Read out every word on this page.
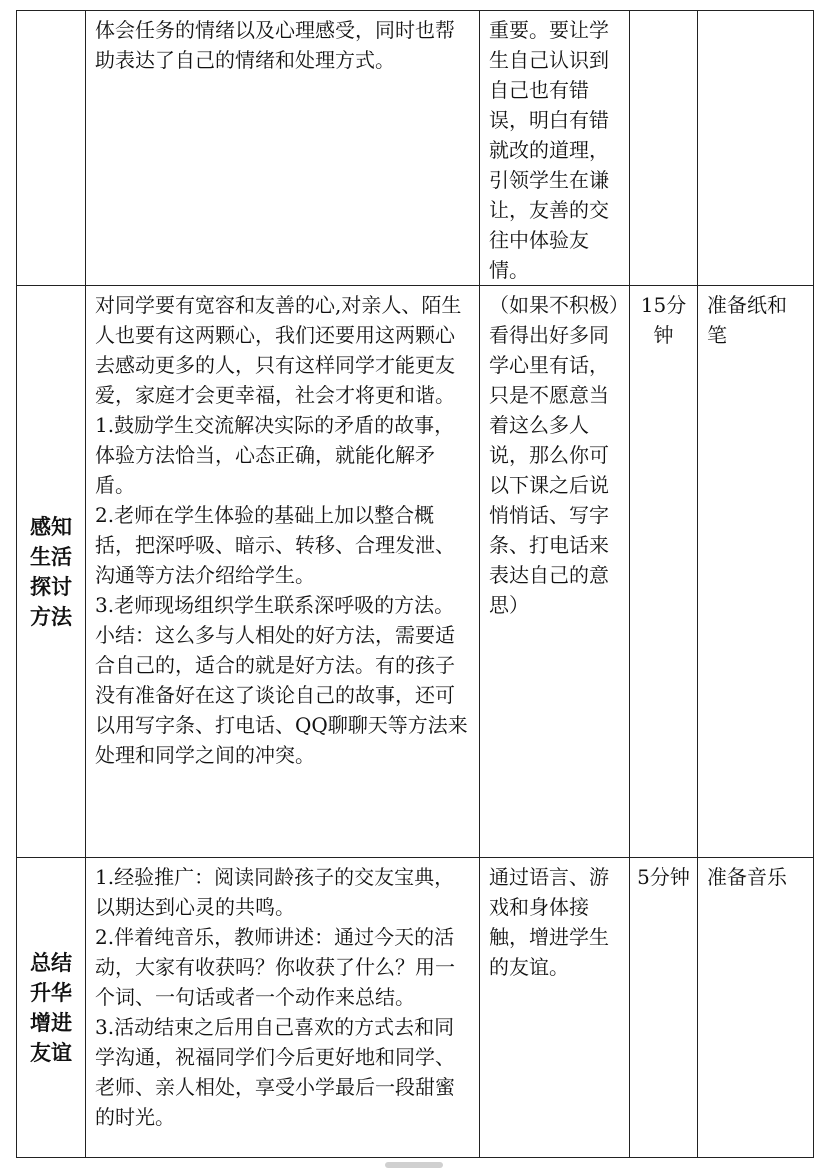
	体会任务的情绪以及心理感受，同时也帮助表达了自己的情绪和处理方式。	重要。要让学生自己认识到自己也有错误，明白有错就改的道理，引领学生在谦让，友善的交往中体验友情。		
感知生活探讨方法	对同学要有宽容和友善的心,对亲人、陌生人也要有这两颗心，我们还要用这两颗心去感动更多的人，只有这样同学才能更友爱，家庭才会更幸福，社会才将更和谐。
1.鼓励学生交流解决实际的矛盾的故事，体验方法恰当，心态正确，就能化解矛盾。
2.老师在学生体验的基础上加以整合概括，把深呼吸、暗示、转移、合理发泄、沟通等方法介绍给学生。
3.老师现场组织学生联系深呼吸的方法。
小结：这么多与人相处的好方法，需要适合自己的，适合的就是好方法。有的孩子没有准备好在这了谈论自己的故事，还可以用写字条、打电话、QQ聊聊天等方法来处理和同学之间的冲突。	（如果不积极）看得出好多同学心里有话，只是不愿意当着这么多人说，那么你可以下课之后说悄悄话、写字条、打电话来表达自己的意思）	15分钟	准备纸和笔
总结升华增进友谊	1.经验推广：阅读同龄孩子的交友宝典，以期达到心灵的共鸣。
2.伴着纯音乐，教师讲述：通过今天的活动，大家有收获吗？你收获了什么？用一个词、一句话或者一个动作来总结。
3.活动结束之后用自己喜欢的方式去和同学沟通，祝福同学们今后更好地和同学、老师、亲人相处，享受小学最后一段甜蜜的时光。	通过语言、游戏和身体接触，增进学生的友谊。	5分钟	准备音乐
